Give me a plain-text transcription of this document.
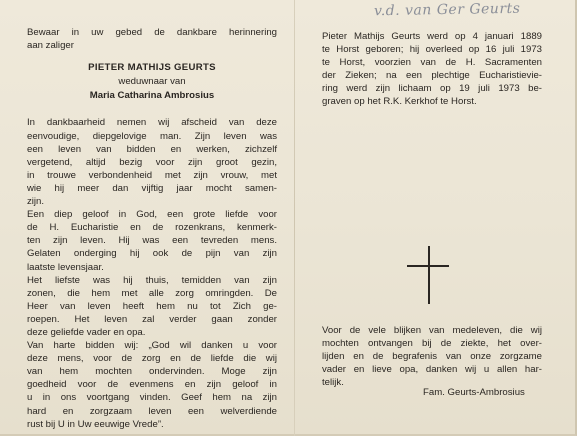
v.d. van Ger Geurts

Bewaar in uw gebed de dankbare herinnering

aan zaliger

PIETER MATHIJS GEURTS
weduwnaar van
Maria Catharina Ambrosius

In dankbaarheid nemen wij afscheid van deze

eenvoudige, diepgelovige man. Zijn leven was

een leven van bidden en werken, zichzelf

vergetend, altijd bezig voor zijn groot gezin,

in trouwe verbondenheid met zijn vrouw, met

wie hij meer dan vijftig jaar mocht samen-

zijn.

Een diep geloof in God, een grote liefde voor

de H. Eucharistie en de rozenkrans, kenmerk-

ten zijn leven. Hij was een tevreden mens.

Gelaten onderging hij ook de pijn van zijn

laatste levensjaar.

Het liefste was hij thuis, temidden van zijn

zonen, die hem met alle zorg omringden. De

Heer van leven heeft hem nu tot Zich ge-

roepen. Het leven zal verder gaan zonder

deze geliefde vader en opa.

Van harte bidden wij: „God wil danken u voor

deze mens, voor de zorg en de liefde die wij

van hem mochten ondervinden. Moge zijn

goedheid voor de evenmens en zijn geloof in

u in ons voortgang vinden. Geef hem na zijn

hard en zorgzaam leven een welverdiende

rust bij U in Uw eeuwige Vrede”.

Pieter Mathijs Geurts werd op 4 januari 1889

te Horst geboren; hij overleed op 16 juli 1973

te Horst, voorzien van de H. Sacramenten

der Zieken; na een plechtige Eucharistievie-

ring werd zijn lichaam op 19 juli 1973 be-

graven op het R.K. Kerkhof te Horst.

Voor de vele blijken van medeleven, die wij

mochten ontvangen bij de ziekte, het over-

lijden en de begrafenis van onze zorgzame

vader en lieve opa, danken wij u allen har-

telijk.

Fam. Geurts-Ambrosius
